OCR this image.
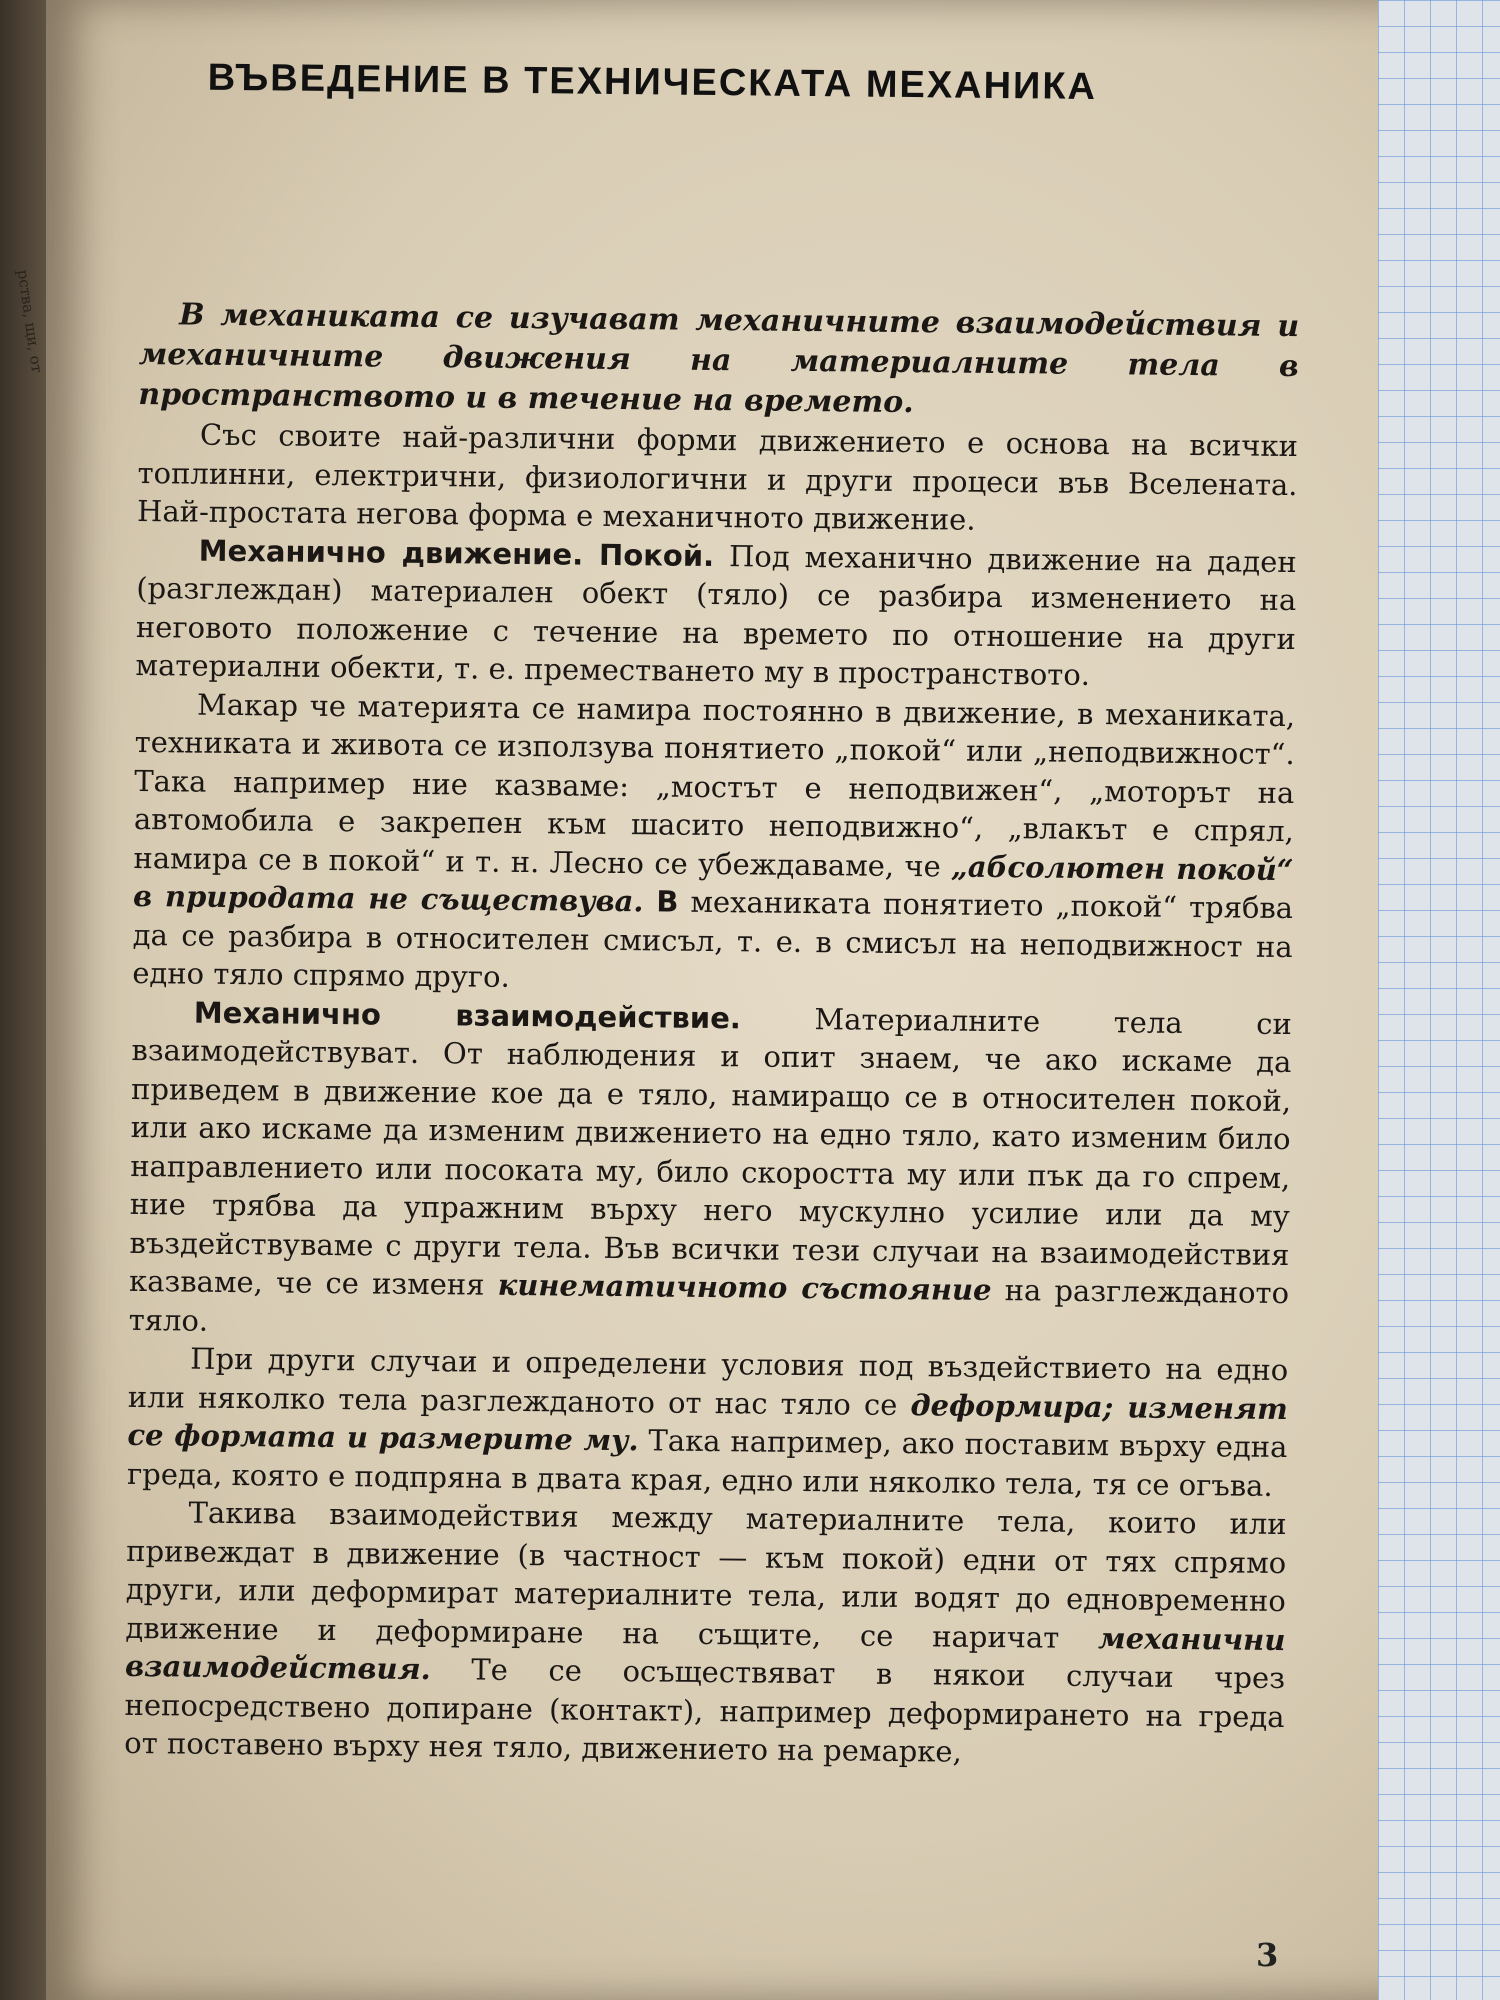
рства, щи, от
ВЪВЕДЕНИЕ В ТЕХНИЧЕСКАТА МЕХАНИКА
В механиката се изучават механичните взаимодействия и механичните движения на материалните тела в пространството и в течение на времето.

Със своите най-различни форми движението е основа на всички топлинни, електрични, физиологични и други процеси във Вселената. Най-простата негова форма е механичното движение.

Механично движение. Покой. Под механично движение на даден (разглеждан) материален обект (тяло) се разбира изменението на неговото положение с течение на времето по отношение на други материални обекти, т. е. преместването му в пространството.

Макар че материята се намира постоянно в движение, в механиката, техниката и живота се използува понятието „покой“ или „неподвижност“. Така например ние казваме: „мостът е неподвижен“, „моторът на автомобила е закрепен към шасито неподвижно“, „влакът е спрял, намира се в покой“ и т. н. Лесно се убеждаваме, че „абсолютен покой“ в природата не съществува. В механиката понятието „покой“ трябва да се разбира в относителен смисъл, т. е. в смисъл на неподвижност на едно тяло спрямо друго.

Механично взаимодействие. Материалните тела си взаимодействуват. От наблюдения и опит знаем, че ако искаме да приведем в движение кое да е тяло, намиращо се в относителен покой, или ако искаме да изменим движението на едно тяло, като изменим било направлението или посоката му, било скоростта му или пък да го спрем, ние трябва да упражним върху него мускулно усилие или да му въздействуваме с други тела. Във всички тези случаи на взаимодействия казваме, че се изменя кинематичното състояние на разглежданото тяло.

При други случаи и определени условия под въздействието на едно или няколко тела разглежданото от нас тяло се деформира; изменят се формата и размерите му. Така например, ако поставим върху една греда, която е подпряна в двата края, едно или няколко тела, тя се огъва.

Такива взаимодействия между материалните тела, които или привеждат в движение (в частност — към покой) едни от тях спрямо други, или деформират материалните тела, или водят до едновременно движение и деформиране на същите, се наричат механични взаимодействия. Те се осъществяват в някои случаи чрез непосредствено допиране (контакт), например деформирането на греда от поставено върху нея тяло, движението на ремарке,

3
